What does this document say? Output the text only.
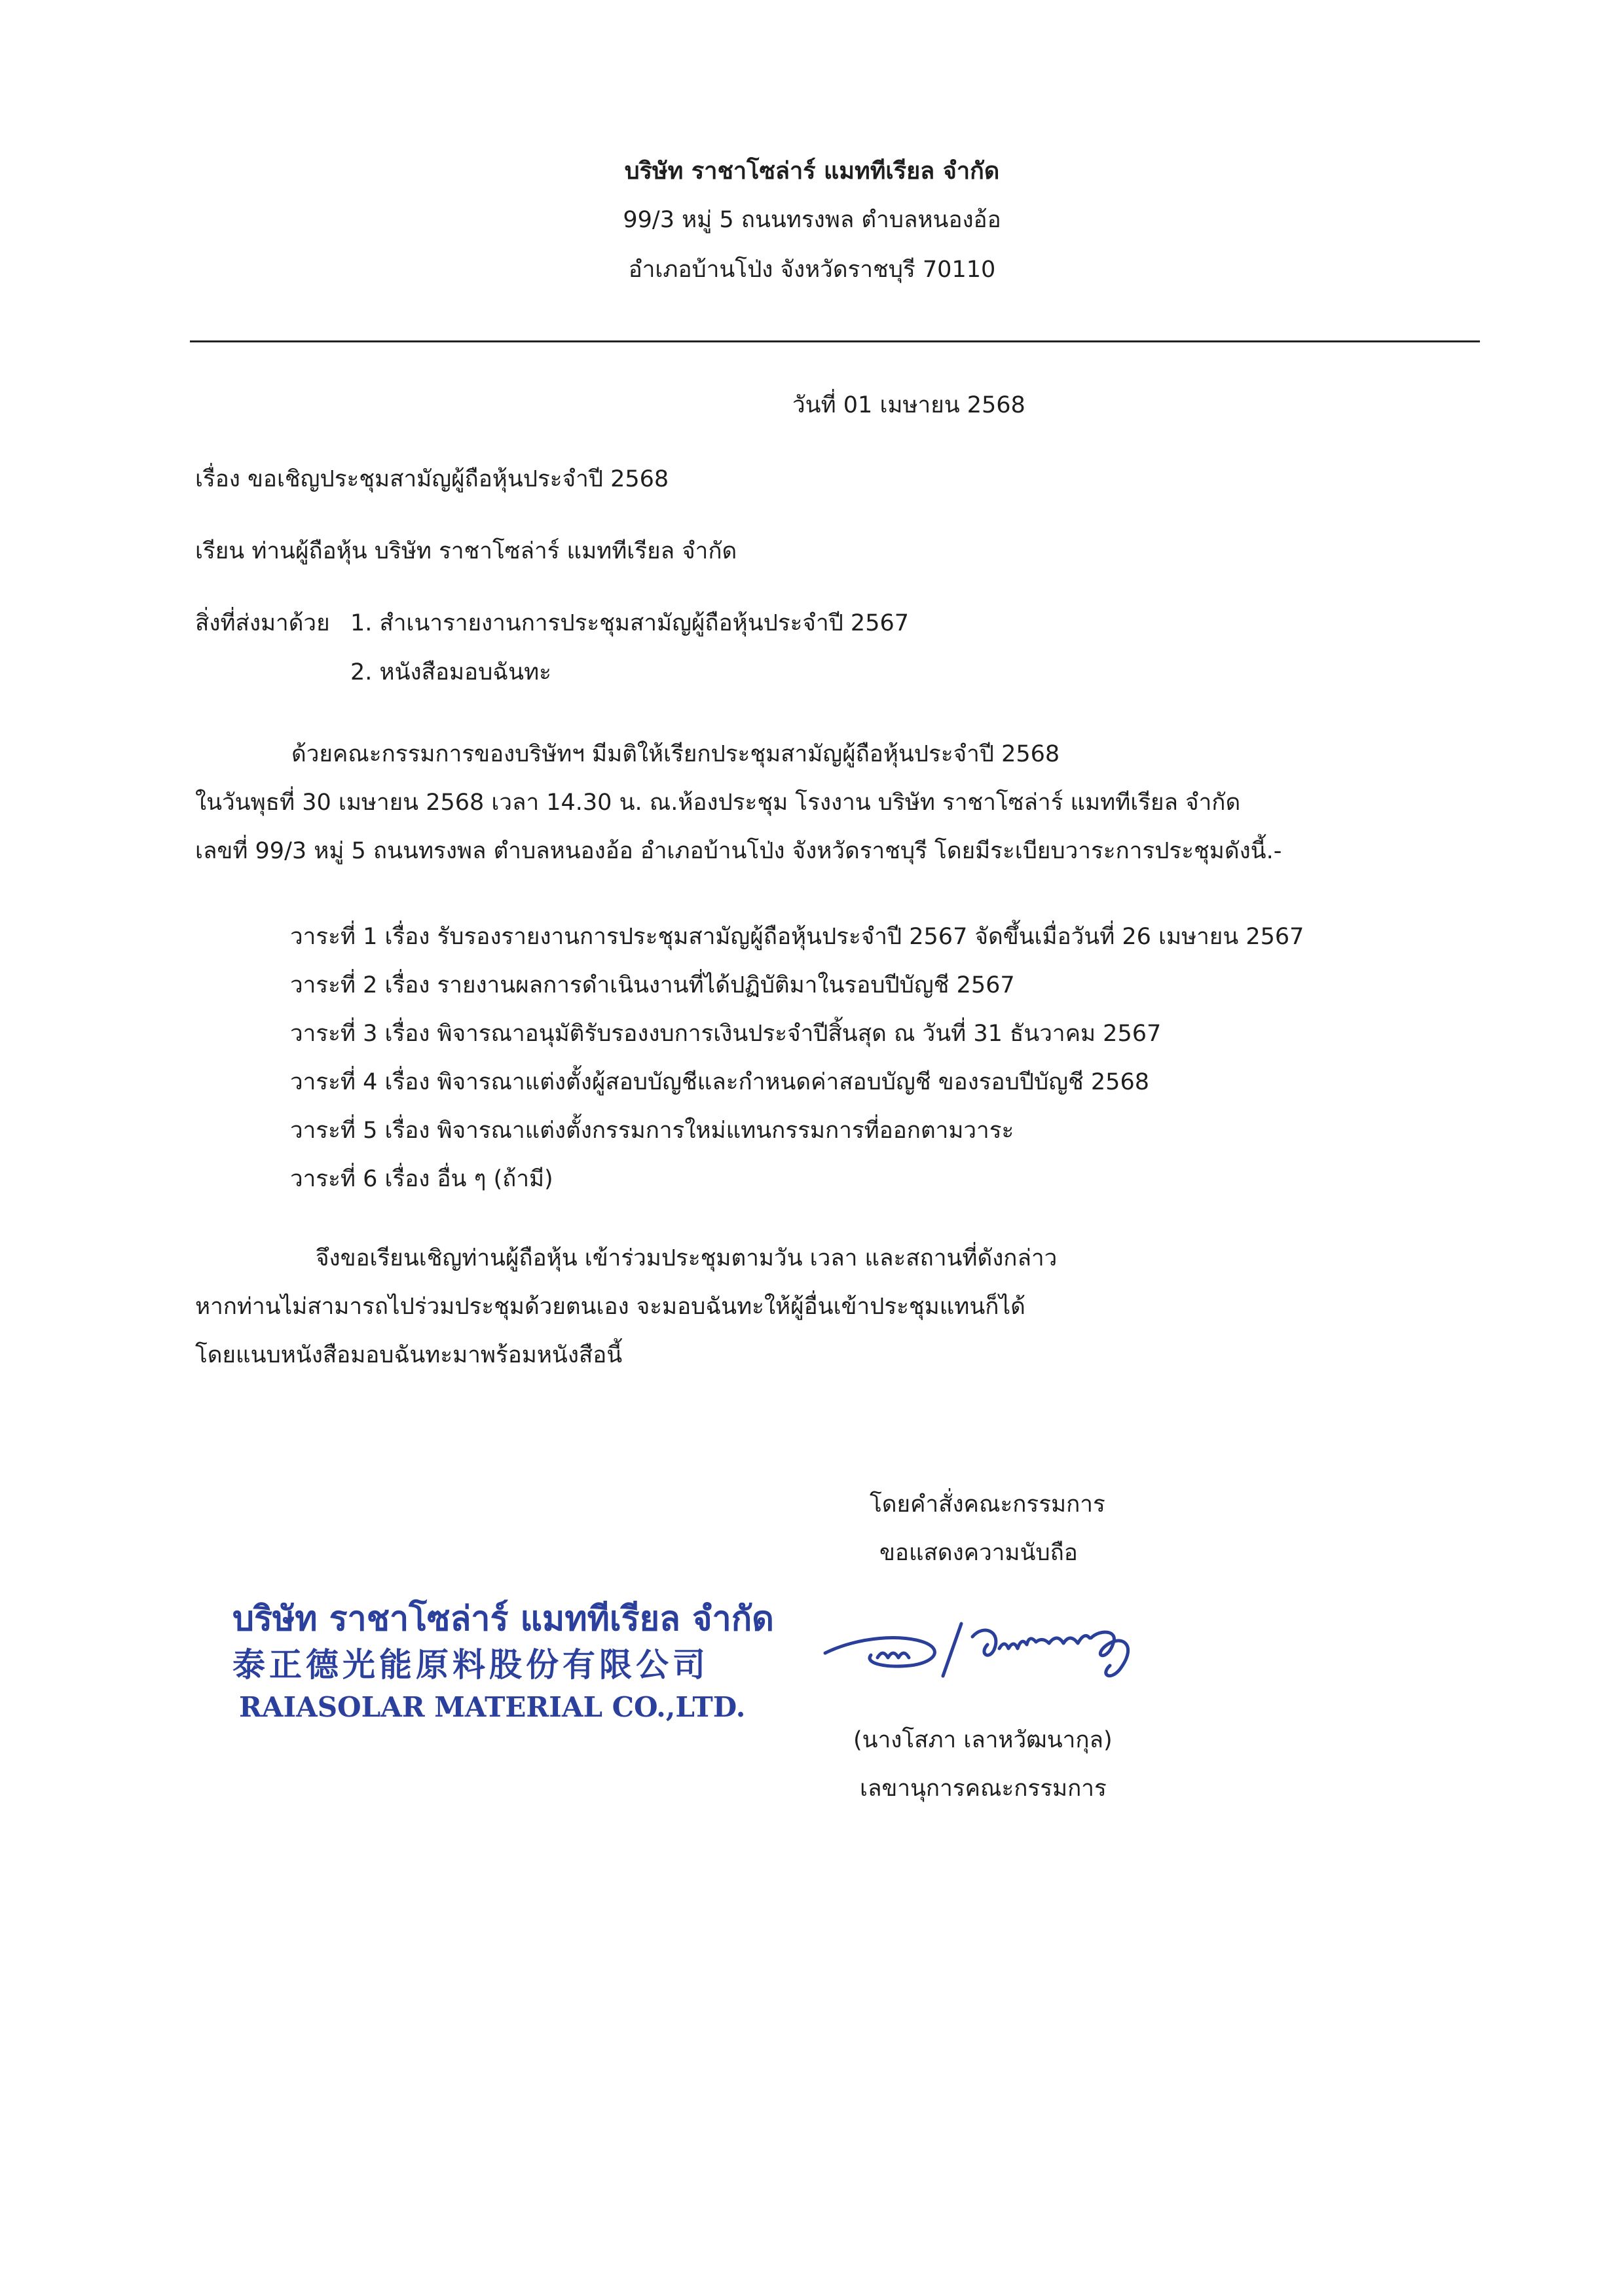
บริษัท ราชาโซล่าร์ แมททีเรียล จำกัด
99/3 หมู่ 5 ถนนทรงพล ตำบลหนองอ้อ
อำเภอบ้านโป่ง จังหวัดราชบุรี 70110
วันที่ 01 เมษายน 2568
เรื่อง ขอเชิญประชุมสามัญผู้ถือหุ้นประจำปี 2568
เรียน ท่านผู้ถือหุ้น บริษัท ราชาโซล่าร์ แมททีเรียล จำกัด
สิ่งที่ส่งมาด้วย 1. สำเนารายงานการประชุมสามัญผู้ถือหุ้นประจำปี 2567
2. หนังสือมอบฉันทะ
ด้วยคณะกรรมการของบริษัทฯ มีมติให้เรียกประชุมสามัญผู้ถือหุ้นประจำปี 2568
ในวันพุธที่ 30 เมษายน 2568 เวลา 14.30 น. ณ.ห้องประชุม โรงงาน บริษัท ราชาโซล่าร์ แมททีเรียล จำกัด
เลขที่ 99/3 หมู่ 5 ถนนทรงพล ตำบลหนองอ้อ อำเภอบ้านโป่ง จังหวัดราชบุรี โดยมีระเบียบวาระการประชุมดังนี้.-
วาระที่ 1 เรื่อง รับรองรายงานการประชุมสามัญผู้ถือหุ้นประจำปี 2567 จัดขึ้นเมื่อวันที่ 26 เมษายน 2567
วาระที่ 2 เรื่อง รายงานผลการดำเนินงานที่ได้ปฏิบัติมาในรอบปีบัญชี 2567
วาระที่ 3 เรื่อง พิจารณาอนุมัติรับรองงบการเงินประจำปีสิ้นสุด ณ วันที่ 31 ธันวาคม 2567
วาระที่ 4 เรื่อง พิจารณาแต่งตั้งผู้สอบบัญชีและกำหนดค่าสอบบัญชี ของรอบปีบัญชี 2568
วาระที่ 5 เรื่อง พิจารณาแต่งตั้งกรรมการใหม่แทนกรรมการที่ออกตามวาระ
วาระที่ 6 เรื่อง อื่น ๆ (ถ้ามี)
จึงขอเรียนเชิญท่านผู้ถือหุ้น เข้าร่วมประชุมตามวัน เวลา และสถานที่ดังกล่าว
หากท่านไม่สามารถไปร่วมประชุมด้วยตนเอง จะมอบฉันทะให้ผู้อื่นเข้าประชุมแทนก็ได้
โดยแนบหนังสือมอบฉันทะมาพร้อมหนังสือนี้
โดยคำสั่งคณะกรรมการ
ขอแสดงความนับถือ
บริษัท ราชาโซล่าร์ แมททีเรียล จำกัด
泰正德光能原料股份有限公司
RAIASOLAR MATERIAL CO.,LTD.
(นางโสภา เลาหวัฒนากุล)
เลขานุการคณะกรรมการ
